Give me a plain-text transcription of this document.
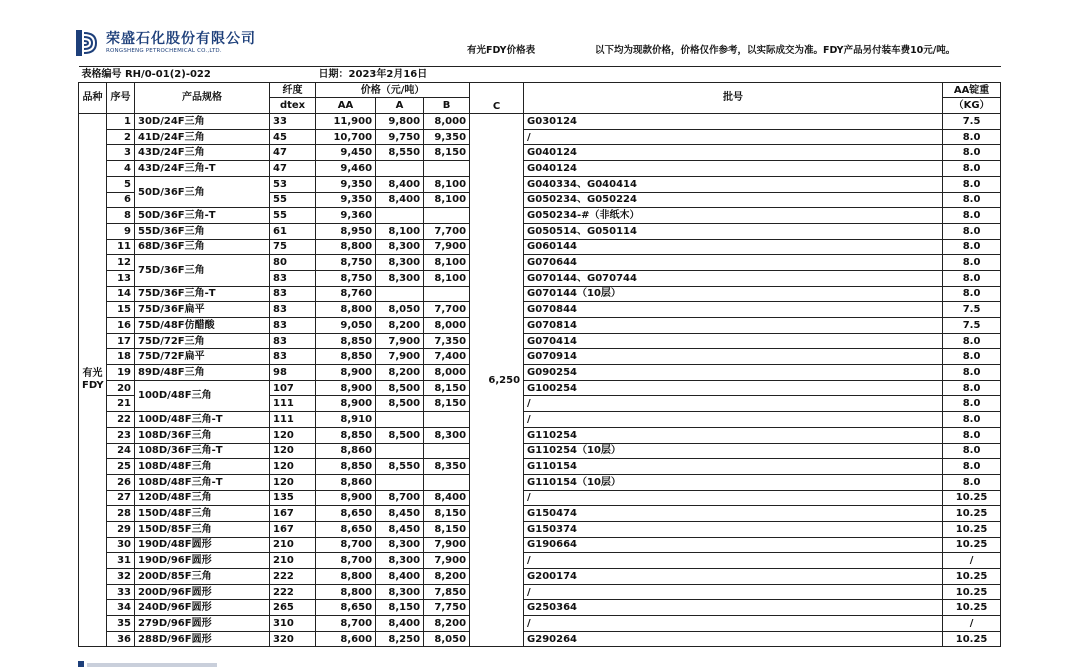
荣盛石化股份有限公司
RONGSHENG PETROCHEMICAL CO.,LTD.	有光FDY价格表	以下均为现款价格，价格仅作参考，以实际成交为准。FDY产品另付装车费10元/吨。
表格编号 RH/0-01(2)-022				日期：2023年2月16日					
品种	序号	产品规格	纤度	价格（元/吨）			C	批号	AA锭重
			dtex	AA	A	B			（KG）
有光
FDY	1	30D/24F三角	33	11,900	9,800	8,000	6,250	G030124	7.5
	2	41D/24F三角	45	10,700	9,750	9,350		/	8.0
	3	43D/24F三角	47	9,450	8,550	8,150		G040124	8.0
	4	43D/24F三角-T	47	9,460				G040124	8.0
	5	50D/36F三角	53	9,350	8,400	8,100		G040334、G040414	8.0
	6		55	9,350	8,400	8,100		G050234、G050224	8.0
	8	50D/36F三角-T	55	9,360				G050234-#（非纸木）	8.0
	9	55D/36F三角	61	8,950	8,100	7,700		G050514、G050114	8.0
	11	68D/36F三角	75	8,800	8,300	7,900		G060144	8.0
	12	75D/36F三角	80	8,750	8,300	8,100		G070644	8.0
	13		83	8,750	8,300	8,100		G070144、G070744	8.0
	14	75D/36F三角-T	83	8,760				G070144（10层）	8.0
	15	75D/36F扁平	83	8,800	8,050	7,700		G070844	7.5
	16	75D/48F仿醋酸	83	9,050	8,200	8,000		G070814	7.5
	17	75D/72F三角	83	8,850	7,900	7,350		G070414	8.0
	18	75D/72F扁平	83	8,850	7,900	7,400		G070914	8.0
	19	89D/48F三角	98	8,900	8,200	8,000		G090254	8.0
	20	100D/48F三角	107	8,900	8,500	8,150		G100254	8.0
	21		111	8,900	8,500	8,150		/	8.0
	22	100D/48F三角-T	111	8,910				/	8.0
	23	108D/36F三角	120	8,850	8,500	8,300		G110254	8.0
	24	108D/36F三角-T	120	8,860				G110254（10层）	8.0
	25	108D/48F三角	120	8,850	8,550	8,350		G110154	8.0
	26	108D/48F三角-T	120	8,860				G110154（10层）	8.0
	27	120D/48F三角	135	8,900	8,700	8,400		/	10.25
	28	150D/48F三角	167	8,650	8,450	8,150		G150474	10.25
	29	150D/85F三角	167	8,650	8,450	8,150		G150374	10.25
	30	190D/48F圆形	210	8,700	8,300	7,900		G190664	10.25
	31	190D/96F圆形	210	8,700	8,300	7,900		/	/
	32	200D/85F三角	222	8,800	8,400	8,200		G200174	10.25
	33	200D/96F圆形	222	8,800	8,300	7,850		/	10.25
	34	240D/96F圆形	265	8,650	8,150	7,750		G250364	10.25
	35	279D/96F圆形	310	8,700	8,400	8,200		/	/
	36	288D/96F圆形	320	8,600	8,250	8,050		G290264	10.25
